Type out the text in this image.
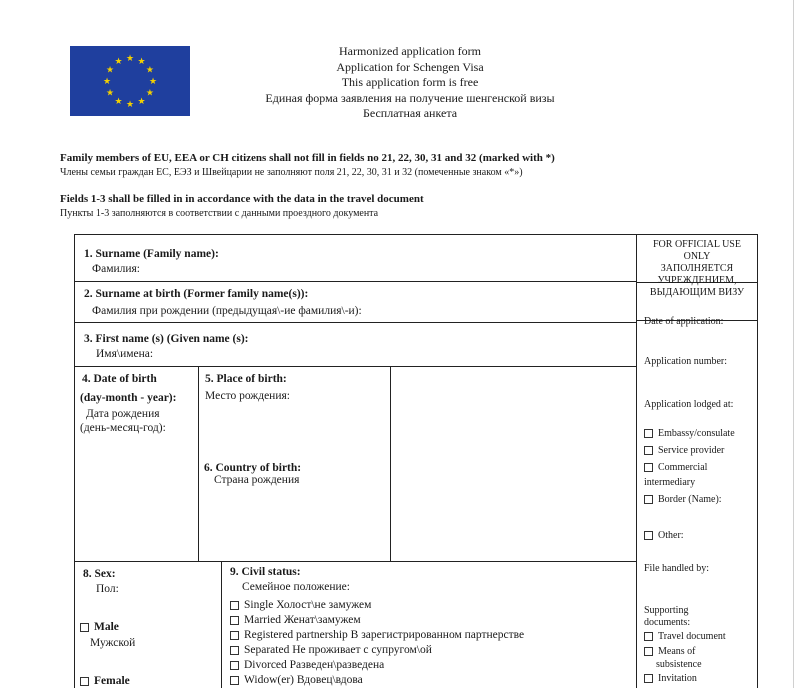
★ ★
★
★
★
★
★
★
★
★
★
★
Harmonized application form
Application for Schengen Visa
This application form is free
Единая форма заявления на получение шенгенской визы
Бесплатная анкета
Family members of EU, EEA or CH citizens shall not fill in fields no 21, 22, 30, 31 and 32 (marked with *)
Члены семьи граждан ЕС, ЕЭЗ и Швейцарии не заполняют поля 21, 22, 30, 31 и 32 (помеченные знаком «*»)
Fields 1-3 shall be filled in in accordance with the data in the travel document
Пункты 1-3 заполняются в соответствии с данными проездного документа
1. Surname (Family name):
Фамилия:
2. Surname at birth (Former family name(s)):
Фамилия при рождении (предыдущая\-ие фамилия\-и):
3. First name (s) (Given name (s):
Имя\имена:
4. Date of birth
(day-month - year):
Дата рождения
(день-месяц-год):
5. Place of birth:
Место рождения:
6. Country of birth:
Страна рождения
8. Sex:
Пол:
Male
Мужской
Female
9. Civil status:
Семейное положение:
Single Холост\не замужем
Married Женат\замужем
Registered partnership В зарегистрированном партнерстве
Separated Не проживает с супругом\ой
Divorced Разведен\разведена
Widow(er) Вдовец\вдова
FOR OFFICIAL USE
ONLY
ЗАПОЛНЯЕТСЯ
УЧРЕЖДЕНИЕМ,
ВЫДАЮЩИМ ВИЗУ
Date of application:
Application number:
Application lodged at:
Embassy/consulate
Service provider
Commercial
intermediary
Border (Name):
Other:
File handled by:
Supporting
documents:
Travel document
Means of
subsistence
Invitation
